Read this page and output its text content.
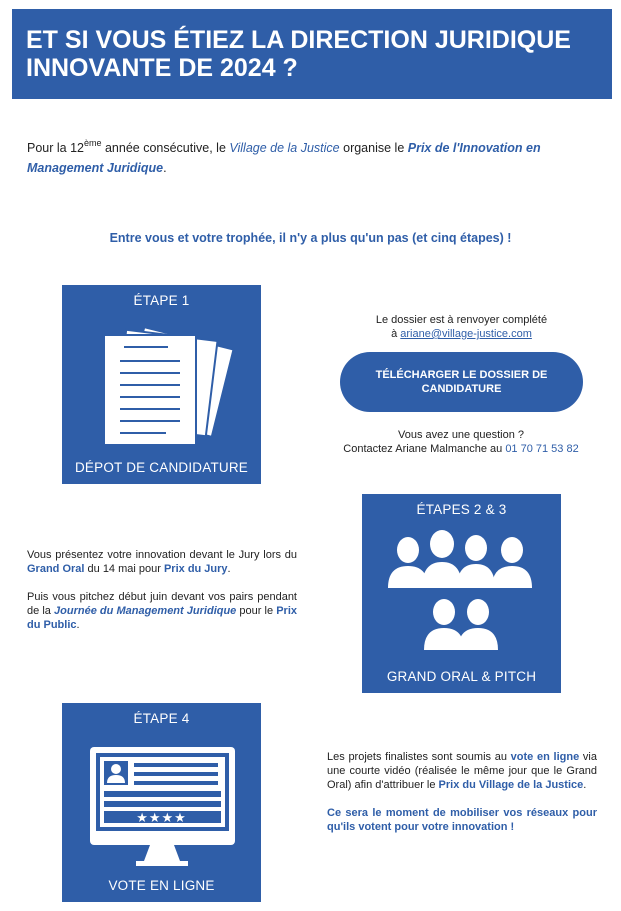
ET SI VOUS ÉTIEZ LA DIRECTION JURIDIQUE INNOVANTE DE 2024 ?

Pour la 12ème année consécutive, le Village de la Justice organise le Prix de l'Innovation en Management Juridique.

Entre vous et votre trophée, il n'y a plus qu'un pas (et cinq étapes) !

ÉTAPE 1
DÉPOT DE CANDIDATURE
Le dossier est à renvoyer complété
à ariane@village-justice.com
TÉLÉCHARGER LE DOSSIER DE CANDIDATURE
Vous avez une question ?
Contactez Ariane Malmanche au 01 70 71 53 82

Vous présentez votre innovation devant le Jury lors du Grand Oral du 14 mai pour Prix du Jury.

Puis vous pitchez début juin devant vos pairs pendant de la Journée du Management Juridique pour le Prix du Public.

ÉTAPES 2 & 3
GRAND ORAL & PITCH
ÉTAPE 4
★★★★
VOTE EN LIGNE

Les projets finalistes sont soumis au vote en ligne via une courte vidéo (réalisée le même jour que le Grand Oral) afin d'attribuer le Prix du Village de la Justice.

Ce sera le moment de mobiliser vos réseaux pour qu'ils votent pour votre innovation !
